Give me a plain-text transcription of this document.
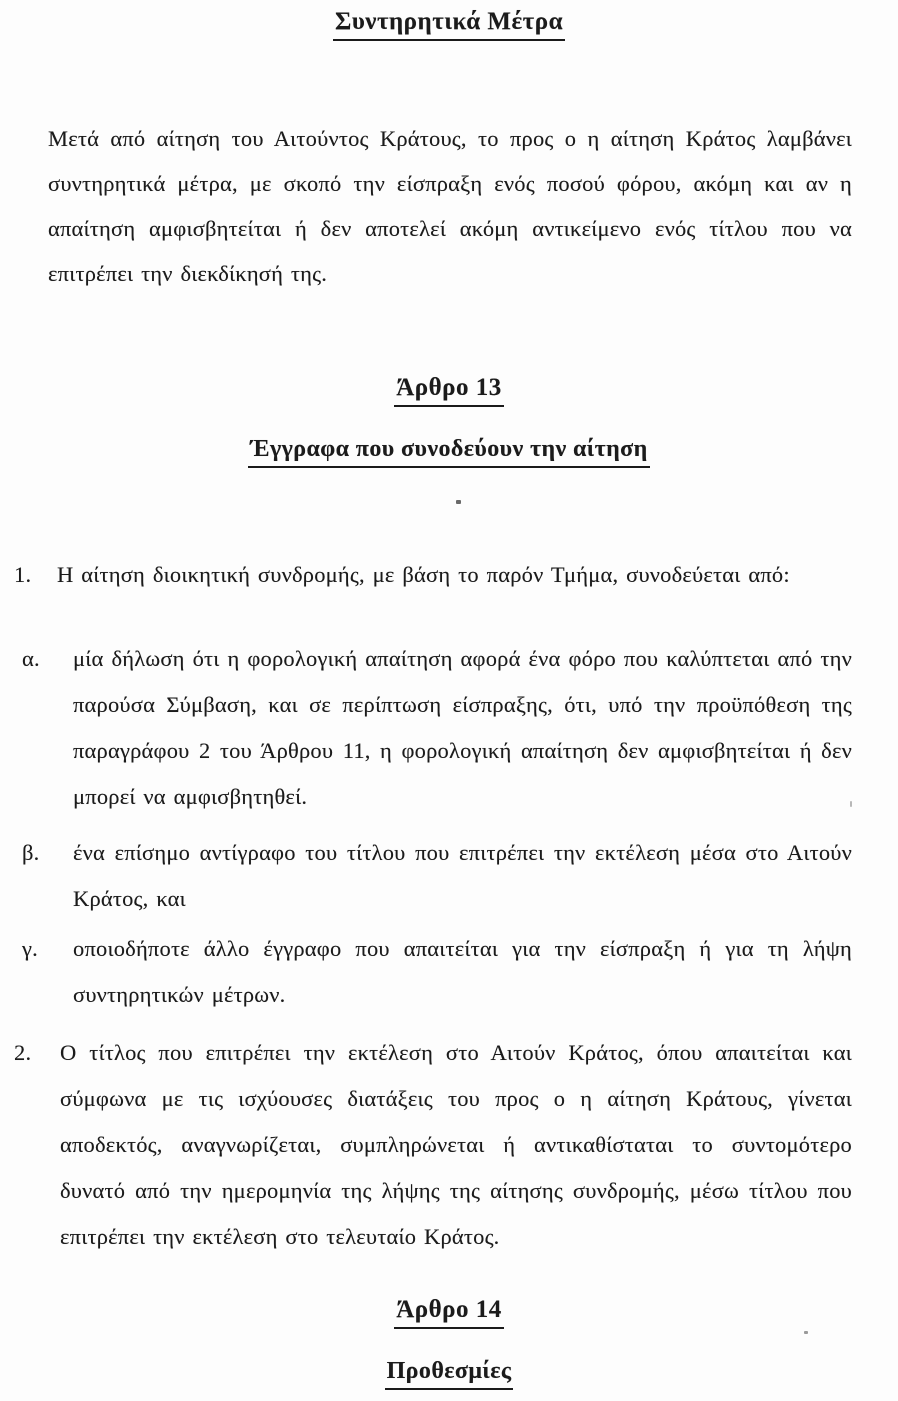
Συντηρητικά Μέτρα

Μετά από αίτηση του Αιτούντος Κράτους, το προς ο η αίτηση Κράτος λαμβάνει συντηρητικά μέτρα, με σκοπό την είσπραξη ενός ποσού φόρου, ακόμη και αν η απαίτηση αμφισβητείται ή δεν αποτελεί ακόμη αντικείμενο ενός τίτλου που να επιτρέπει την διεκδίκησή της.

Άρθρο 13
Έγγραφα που συνοδεύουν την αίτηση
1.	Η αίτηση διοικητική συνδρομής, με βάση το παρόν Τμήμα, συνοδεύεται από:
α.	μία δήλωση ότι η φορολογική απαίτηση αφορά ένα φόρο που καλύπτεται από την παρούσα Σύμβαση, και σε περίπτωση είσπραξης, ότι, υπό την προϋπόθεση της παραγράφου 2 του Άρθρου 11, η φορολογική απαίτηση δεν αμφισβητείται ή δεν μπορεί να αμφισβητηθεί.
β.	ένα επίσημο αντίγραφο του τίτλου που επιτρέπει την εκτέλεση μέσα στο Αιτούν Κράτος, και
γ.	οποιοδήποτε άλλο έγγραφο που απαιτείται για την είσπραξη ή για τη λήψη συντηρητικών μέτρων.
2.	Ο τίτλος που επιτρέπει την εκτέλεση στο Αιτούν Κράτος, όπου απαιτείται και σύμφωνα με τις ισχύουσες διατάξεις του προς ο η αίτηση Κράτους, γίνεται αποδεκτός, αναγνωρίζεται, συμπληρώνεται ή αντικαθίσταται το συντομότερο δυνατό από την ημερομηνία της λήψης της αίτησης συνδρομής, μέσω τίτλου που επιτρέπει την εκτέλεση στο τελευταίο Κράτος.
Άρθρο 14
Προθεσμίες
